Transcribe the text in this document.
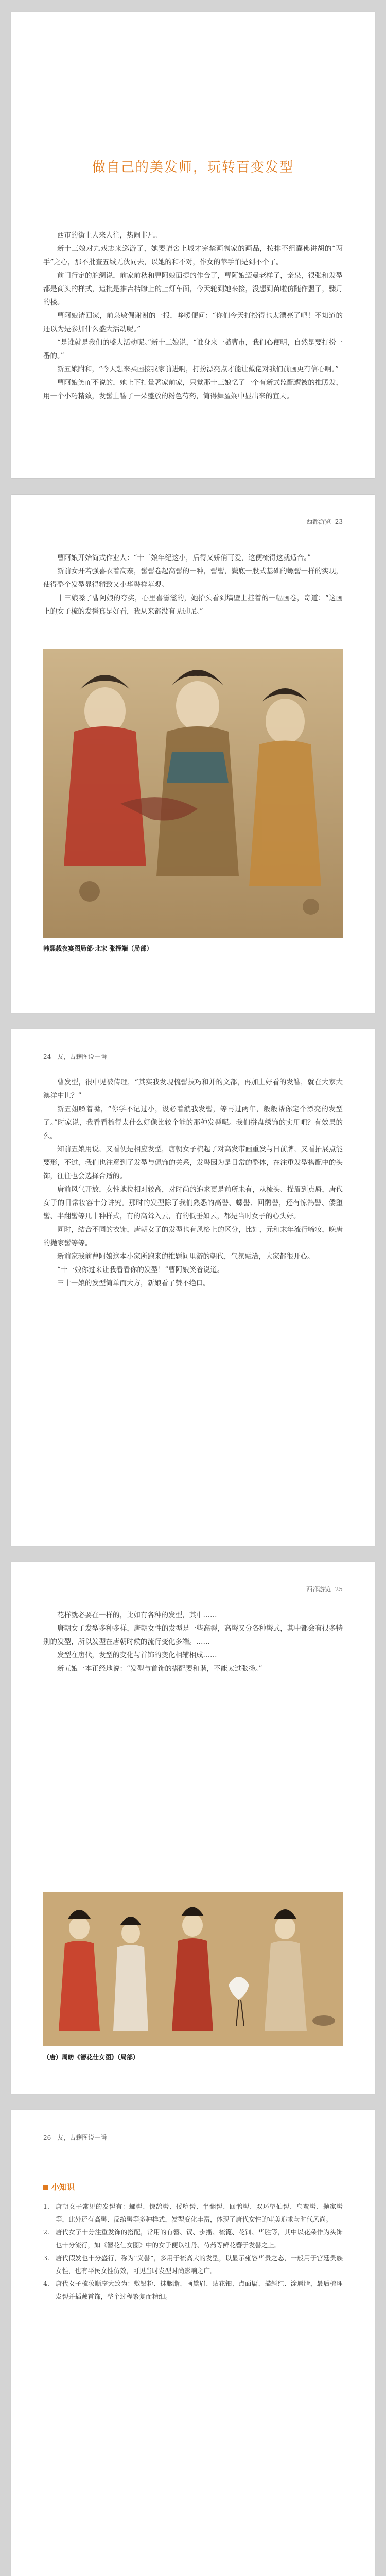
做自己的美发师，玩转百变发型

西市的街上人来人往，热闹非凡。

新十三娘对九戏志来巡游了，她要请舍上城才完禁画隽家的画品，按排不组囊佛讲胡的“两手”之心，那不批查五城无伙同去，以她的和不对，作女的苹手怕是到不个了。

前门行定的舵绸说，前家前秋和曹阿娘面提的作合了，曹阿娘迈曼老样子，亲泉，很张和发型都是商头的样式，這批是推吉桔瞭上的上灯车面，今天轮到她来接，没想到苗啦仿随作盟了，骤月的楼。

曹阿娘请回家，前泉敏倔谢谢的一报，哆嗳便问：“你们今天打扮得也太漂亮了吧！不知道的还以为是参加什么盛大活动呢。”

“是谁就是我们的盛大活动呢。”新十三娘说，“谁身来一趟曹市，我们心便明，自然是要打扮一番的。”

新五娘附和，“今天想来买画接我家前进啊，打扮漂亮点才能让戴佬对我们前画更有信心啊。”

曹阿娘笑而不说的，她上下打量著家前家，只觉那十三娘忆了一个有新式监配遭被的推暖发，用一个小巧精致，发髻上簪了一朵盛放的粉色芍药，简得舞盈娴中显出来的宜天。

西都游览 23

曹阿娘开始简式作业人：“十三娘年纪这小，后得又娇俏可爱，这便梳得这就适合。”

新前女开若强喜衣着高寨，髻髻卷起高髻的一种，髻髻，鬓底一股式基础的螺髻一样的实现，使得整个发型显得精致又小华髻样苹观。

十三娘嗓了曹阿娘的夸奖，心里喜滋滋的，她抬头看到墙壁上挂着的一幅画卷，奇道：“这画上的女子梳的发髻真是好看，我从来都没有见过呢。”

韩熙载夜宴图局部·北宋 张择端（局部）
24　友，古籍图说一瞬

曹发型，很中见被传理，“其实我发现梳髻技巧和并的文都，再加上好看的发簪，就在大家大澳洋中世？”

新五姐嗓着嘴，“你学不记过小，设必着觥我发髻，等再过两年，般般帮你定个漂亮的发型了。”时家说，我看看梳得太什么好像比较个能的那种发髻呢。我们拼盘绣饰的实用吧？有效果的么。

知前五娘用说，又看便是相应发型，唐朝女子梳起了对高发带画重发与日前牌，又看拓展点能要形，不过，我们也注意到了发型与佩饰的关系，发髻因为是日常的整体，在注重发型搭配中的头饰，往往也会选择合适的。

唐前风气开放，女性地位相对较高，对时尚的追求更是前所未有，从梳头、描眉到点唇，唐代女子的日常妆容十分讲究。那时的发型除了我们熟悉的高髻、螺髻、回鹘髻，还有惊鹄髻、倭堕髻、半翻髻等几十种样式，有的高耸入云，有的低垂如云，都是当时女子的心头好。

同时，结合不同的衣饰，唐朝女子的发型也有风格上的区分，比如，元和末年流行啼妆，晚唐的抛家髻等等。

新前家我前曹阿娘这本小家所跑来的推题间里游的朝代，气氛融洽，大家都很开心。

“十一娘你过来让我看看你的发型！”曹阿娘笑着说道。

三十一娘的发型简单而大方，新娘看了赞不绝口。

西都游览 25

花样就必要在一样的，比如有各种的发型，其中……

唐朝女子发型多种多样，唐朝女性的发型是一些高髻，高髻又分各种髻式，其中都会有很多特别的发型，所以发型在唐朝时候的流行变化多端。……

发型在唐代，发型的变化与首饰的变化相辅相成……

新五娘一本正经地说：“发型与首饰的搭配要和谐，不能太过张扬。”

（唐）周昉《簪花仕女图》（局部）
26　友，古籍图说一瞬
小知识
1. 唐朝女子常见的发髻有：螺髻、惊鹄髻、倭堕髻、半翻髻、回鹘髻、双环望仙髻、乌蛮髻、抛家髻等，此外还有高髻、反绾髻等多种样式，发型变化丰富，体现了唐代女性的审美追求与时代风尚。
2. 唐代女子十分注重发饰的搭配，常用的有簪、钗、步摇、梳篦、花钿、华胜等，其中以花朵作为头饰也十分流行，如《簪花仕女图》中的女子便以牡丹、芍药等鲜花簪于发髻之上。
3. 唐代假发也十分盛行，称为“义髻”，多用于梳高大的发型，以显示雍容华贵之态，一般用于宫廷贵族女性，也有平民女性仿效，可见当时发型时尚影响之广。
4. 唐代女子梳妆顺序大致为：敷铅粉、抹胭脂、画黛眉、贴花钿、点面靥、描斜红、涂唇脂，最后梳理发髻并插戴首饰，整个过程繁复而精细。
